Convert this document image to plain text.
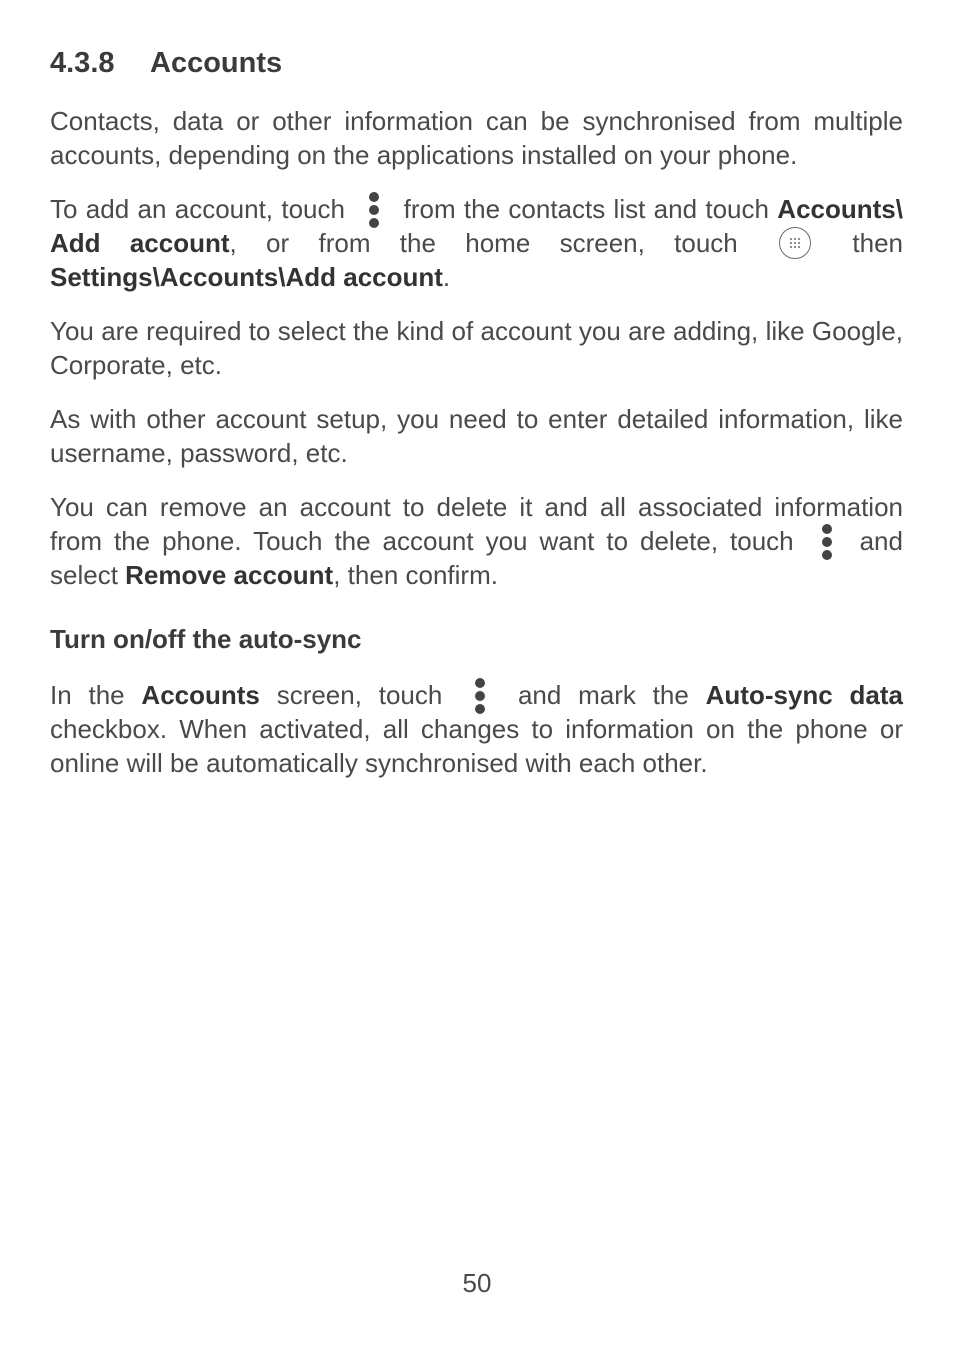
4.3.8 Accounts

Contacts, data or other information can be synchronised from multiple accounts, depending on the applications installed on your phone.

To add an account, touch from the contacts list and touch Accounts\ Add account, or from the home screen, touch	then Settings\Accounts\Add account.

You are required to select the kind of account you are adding, like Google, Corporate, etc.

As with other account setup, you need to enter detailed information, like username, password, etc.

You can remove an account to delete it and all associated information from the phone. Touch the account you want to delete, touch	and select Remove account, then confirm.

Turn on/off the auto-sync

In the Accounts screen, touch	and mark the Auto-sync data checkbox. When activated, all changes to information on the phone or online will be automatically synchronised with each other.

50
